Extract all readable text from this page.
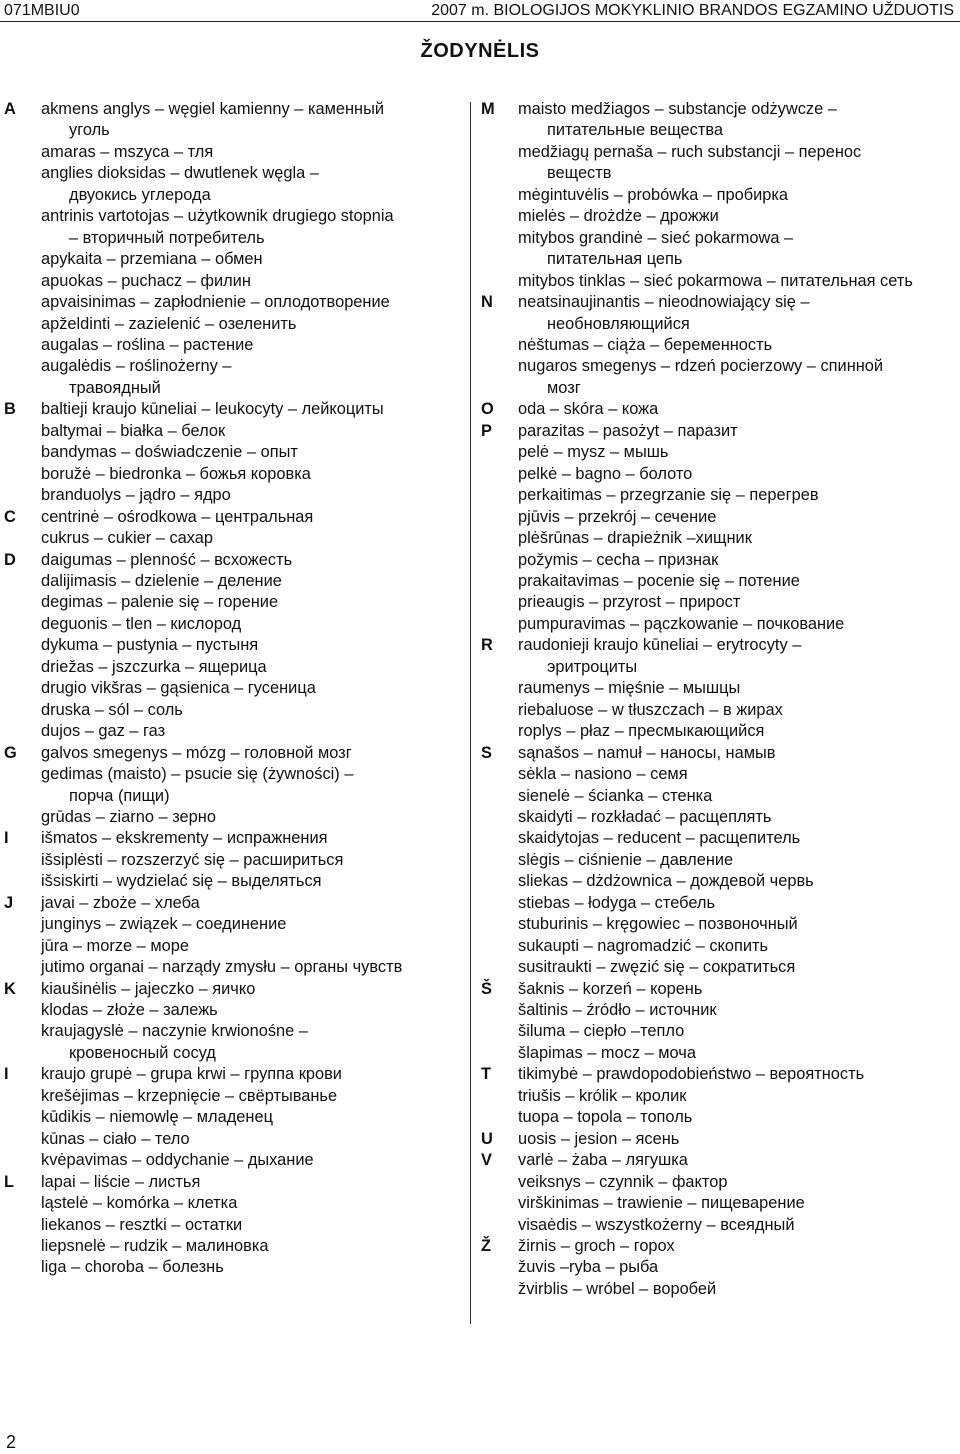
071MBIU0	2007 m. BIOLOGIJOS MOKYKLINIO BRANDOS EGZAMINO UŽDUOTIS
ŽODYNĖLIS
A	akmens anglys – węgiel kamienny – каменный
уголь
amaras – mszyca – тля
anglies dioksidas – dwutlenek węgla –
двуокись углерода
antrinis vartotojas – użytkownik drugiego stopnia
– вторичный потребитель
apykaita – przemiana – обмен
apuokas – puchacz – филин
apvaisinimas – zapłodnienie – оплодотворение
apželdinti – zazielenić – озеленить
augalas – roślina – растение
augalėdis – roślinożerny –
травоядный
B	baltieji kraujo kūneliai – leukocyty – лейкоциты
baltymai – białka – белок
bandymas – doświadczenie – опыт
boružė – biedronka – божья коровка
branduolys – jądro – ядро
C	centrinė – ośrodkowa – центральная
cukrus – cukier – сахар
D	daigumas – plenność – всхожесть
dalijimasis – dzielenie – деление
degimas – palenie się – горение
deguonis – tlen – кислород
dykuma – pustynia – пустыня
driežas – jszczurka – ящерица
drugio vikšras – gąsienica – гусеница
druska – sól – соль
dujos – gaz – газ
G	galvos smegenys – mózg – головной мозг
gedimas (maisto) – psucie się (żywności) –
порча (пищи)
grūdas – ziarno – зерно
I	išmatos – ekskrementy – испражнения
išsiplėsti – rozszerzyć się – расшириться
išsiskirti – wydzielać się – выделяться
J	javai – zboże – хлеба
junginys – związek – соединение
jūra – morze – море
jutimo organai – narządy zmysłu – органы чувств
K	kiaušinėlis – jajeczko – яичко
klodas – złoże – залежь
kraujagyslė – naczynie krwionośne –
кровеносный сосуд
I	kraujo grupė – grupa krwi – группа крови
krešėjimas – krzepnięcie – свёртыванье
kūdikis – niemowlę – младенец
kūnas – ciało – тело
kvėpavimas – oddychanie – дыхание
L	lapai – liście – листья
ląstelė – komórka – клетка
liekanos – resztki – остатки
liepsnelė – rudzik – малиновка
liga – choroba – болезнь
M	maisto medžiagos – substancje odżywcze –
питательные вещества
medžiagų pernaša – ruch substancji – перенос
веществ
mėgintuvėlis – probówka – пробирка
mielės – drożdże – дрожжи
mitybos grandinė – sieć pokarmowa –
питательная цепь
mitybos tinklas – sieć pokarmowa – питательная сеть
N	neatsinaujinantis – nieodnowiający się –
необновляющийся
nėštumas – ciąża – беременность
nugaros smegenys – rdzeń pocierzowy – спинной
мозг
O	oda – skóra – кожа
P	parazitas – pasożyt – паразит
pelė – mysz – мышь
pelkė – bagno – болото
perkaitimas – przegrzanie się – перегрев
pjūvis – przekrój – сечение
plėšrūnas – drapieżnik –хищник
požymis – cecha – признак
prakaitavimas – pocenie się – потение
prieaugis – przyrost – прирост
pumpuravimas – pączkowanie – почкование
R	raudonieji kraujo kūneliai – erytrocyty –
эритроциты
raumenys – mięśnie – мышцы
riebaluose – w tłuszczach – в жирах
roplys – płaz – пресмыкающийся
S	sąnašos – namuł – наносы, намыв
sėkla – nasiono – семя
sienelė – ścianka – стенка
skaidyti – rozkładać – расщеплять
skaidytojas – reducent – расщепитель
slėgis – ciśnienie – давление
sliekas – dżdżownica – дождевой червь
stiebas – łodyga – стебель
stuburinis – kręgowiec – позвоночный
sukaupti – nagromadzić – скопить
susitraukti – zwęzić się – сократиться
Š	šaknis – korzeń – корень
šaltinis – źródło – источник
šiluma – ciepło –тепло
šlapimas – mocz – моча
T	tikimybė – prawdopodobieństwo – вероятность
triušis – królik – кролик
tuopa – topola – тополь
U	uosis – jesion – ясень
V	varlė – żaba – лягушка
veiksnys – czynnik – фактор
virškinimas – trawienie – пищеварение
visaėdis – wszystkożerny – всеядный
Ž	žirnis – groch – горох
žuvis –ryba – рыба
žvirblis – wróbel – воробей
2
